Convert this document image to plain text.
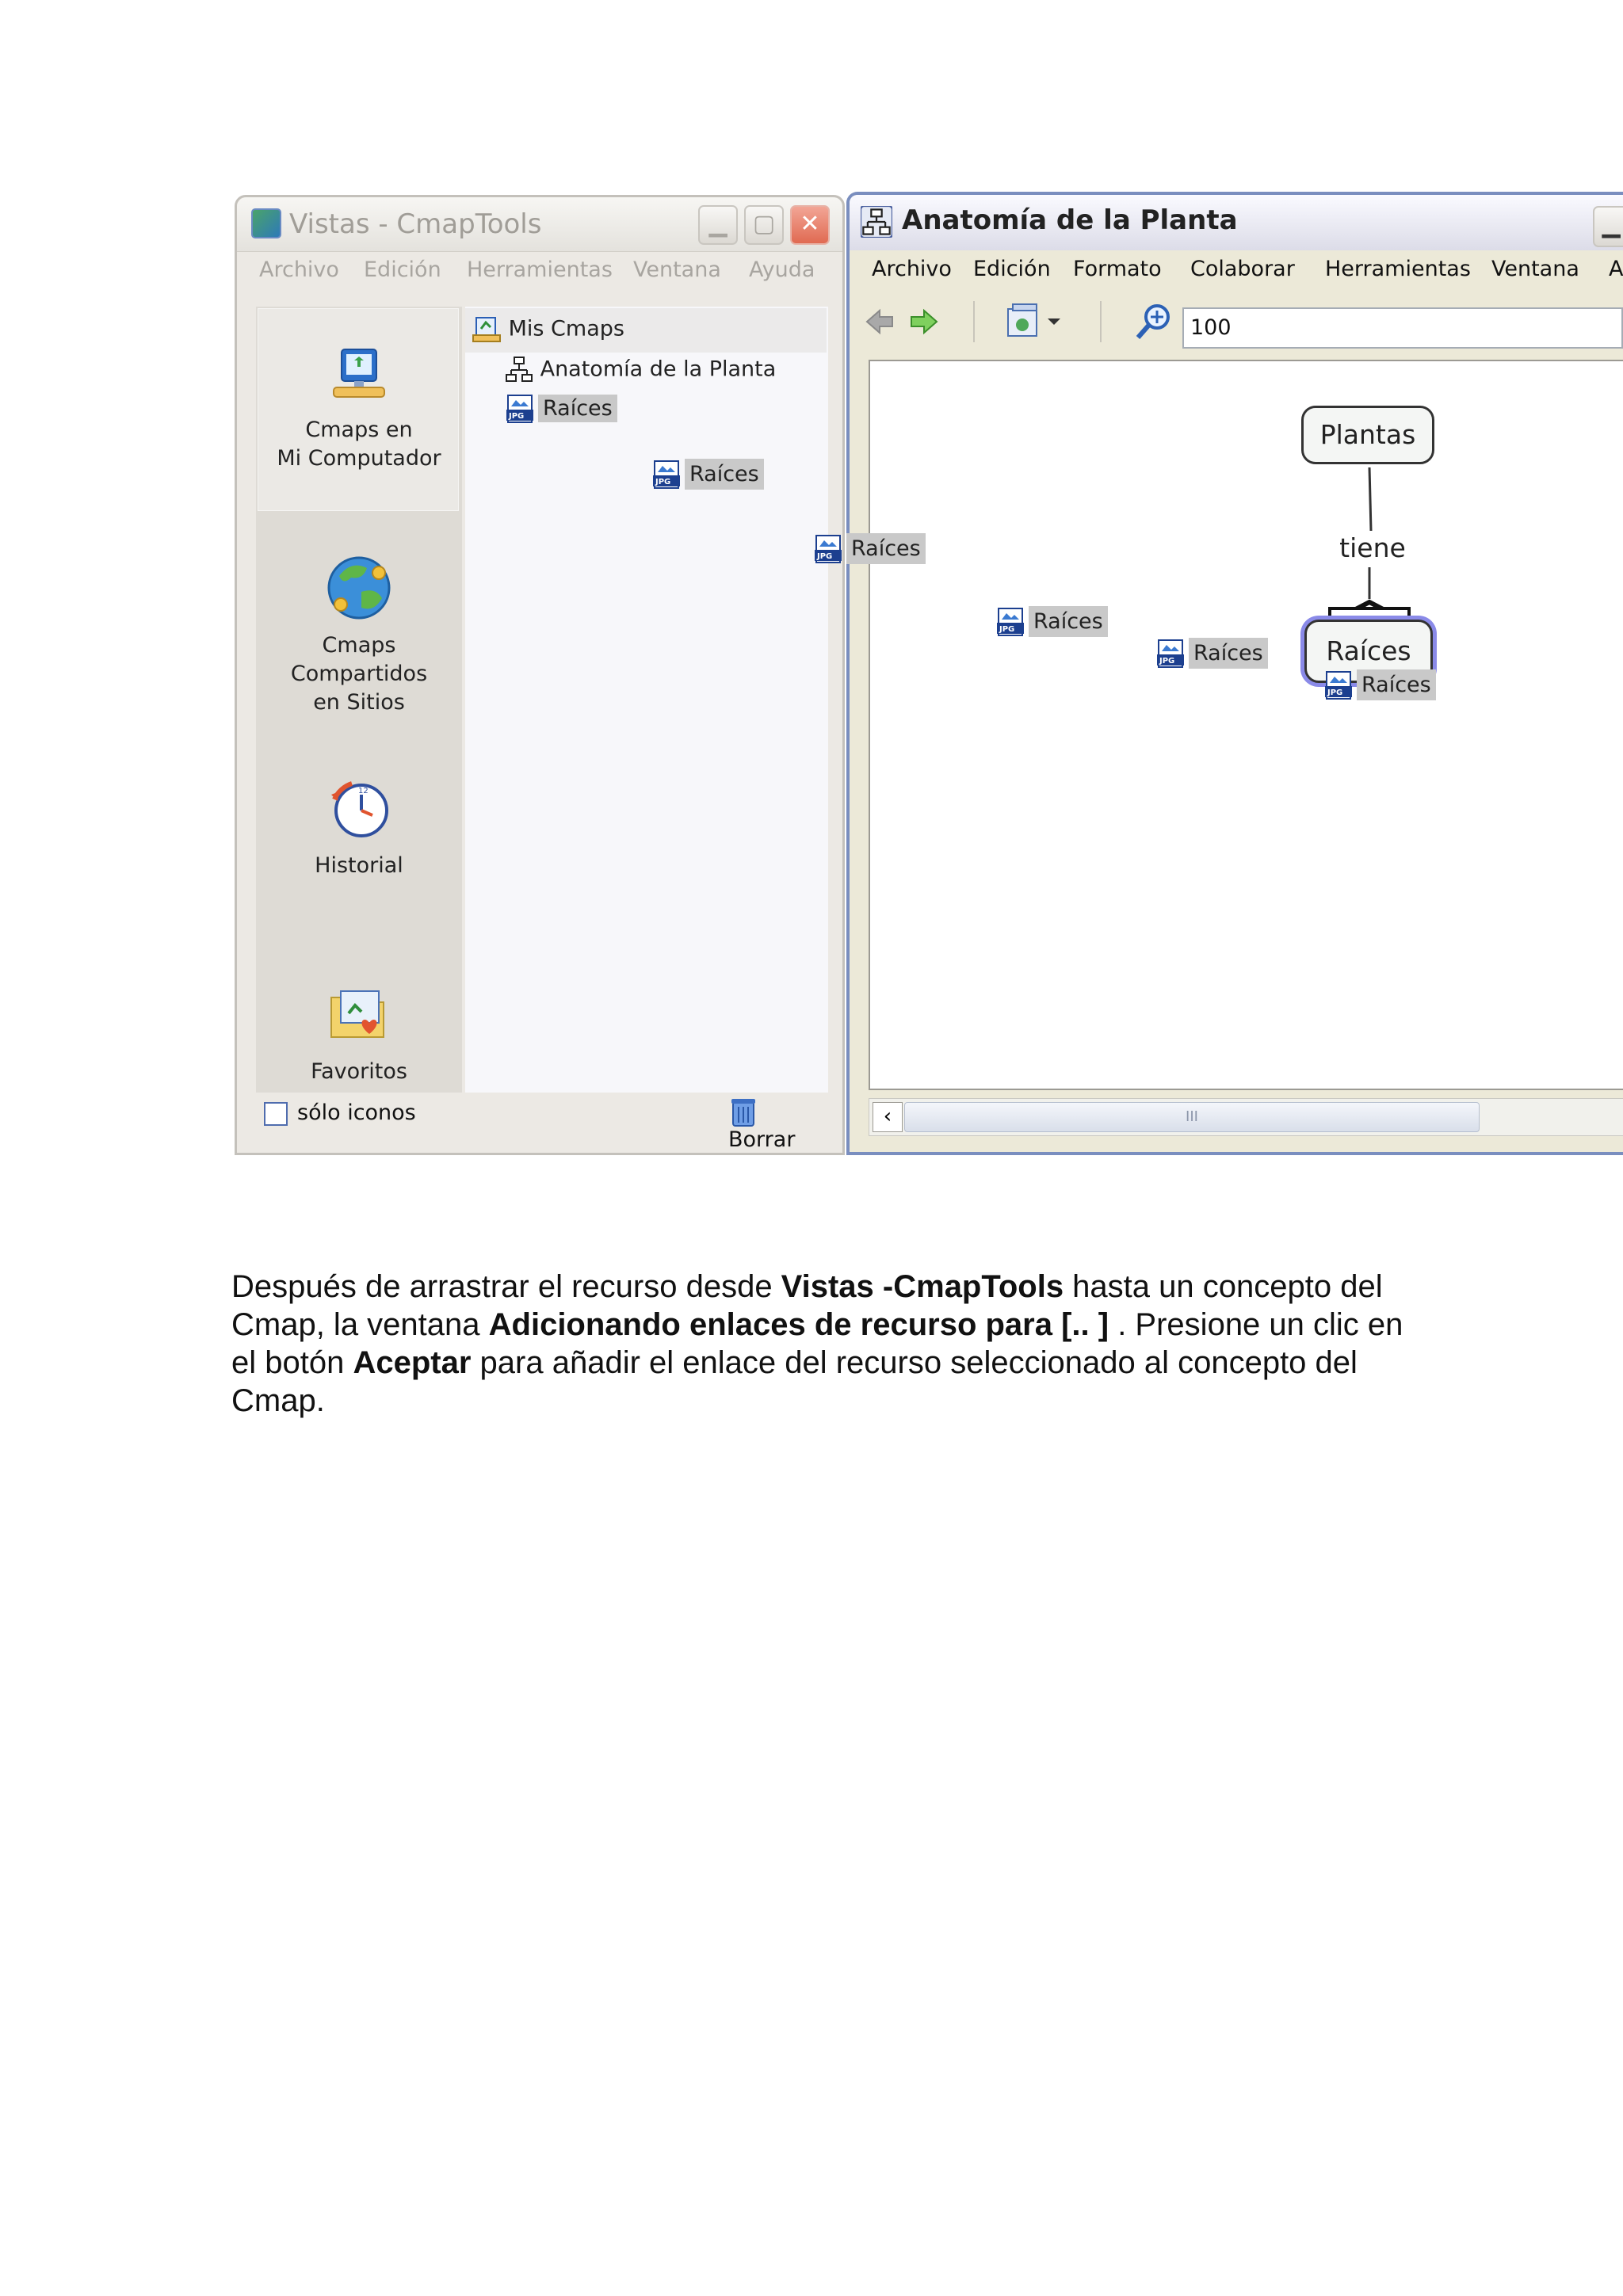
Vistas - CmapTools	▁	▢	✕
Archivo Edición Herramientas Ventana Ayuda
Cmaps en
Mi Computador
Cmaps Compartidos
en Sitios
12
Historial
Favoritos
Mis Cmaps
Anatomía de la Planta
JPG Raíces
sólo iconos
Borrar
Anatomía de la Planta	▁
Archivo Edición Formato Colaborar Herramientas Ventana A
100
Plantas
tiene
Raíces
‹	III
JPG Raíces
JPG Raíces
JPG Raíces
JPG Raíces
JPG Raíces
Después de arrastrar el recurso desde Vistas -CmapTools hasta un concepto del Cmap, la ventana Adicionando enlaces de recurso para [.. ] . Presione un clic en el botón Aceptar para añadir el enlace del recurso seleccionado al concepto del Cmap.
